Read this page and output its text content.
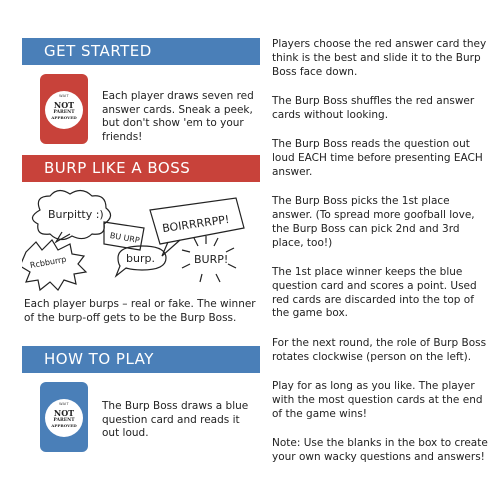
GET STARTED
WAIT
NOT
PARENT
APPROVED
Each player draws seven red answer cards. Sneak a peek, but don't show 'em to your friends!
BURP LIKE A BOSS
Burpitty :)	BOIRRRRPP!
BU URP
Rcbburrp	burp.	BURP!
Each player burps – real or fake. The winner of the burp-off gets to be the Burp Boss.
HOW TO PLAY
WAIT
NOT
PARENT
APPROVED
The Burp Boss draws a blue question card and reads it out loud.

Players choose the red answer card they think is the best and slide it to the Burp Boss face down.

The Burp Boss shuffles the red answer cards without looking.

The Burp Boss reads the question out loud EACH time before presenting EACH answer.

The Burp Boss picks the 1st place answer. (To spread more goofball love, the Burp Boss can pick 2nd and 3rd place, too!)

The 1st place winner keeps the blue question card and scores a point. Used red cards are discarded into the top of the game box.

For the next round, the role of Burp Boss rotates clockwise (person on the left).

Play for as long as you like. The player with the most question cards at the end of the game wins!

Note: Use the blanks in the box to create your own wacky questions and answers!
